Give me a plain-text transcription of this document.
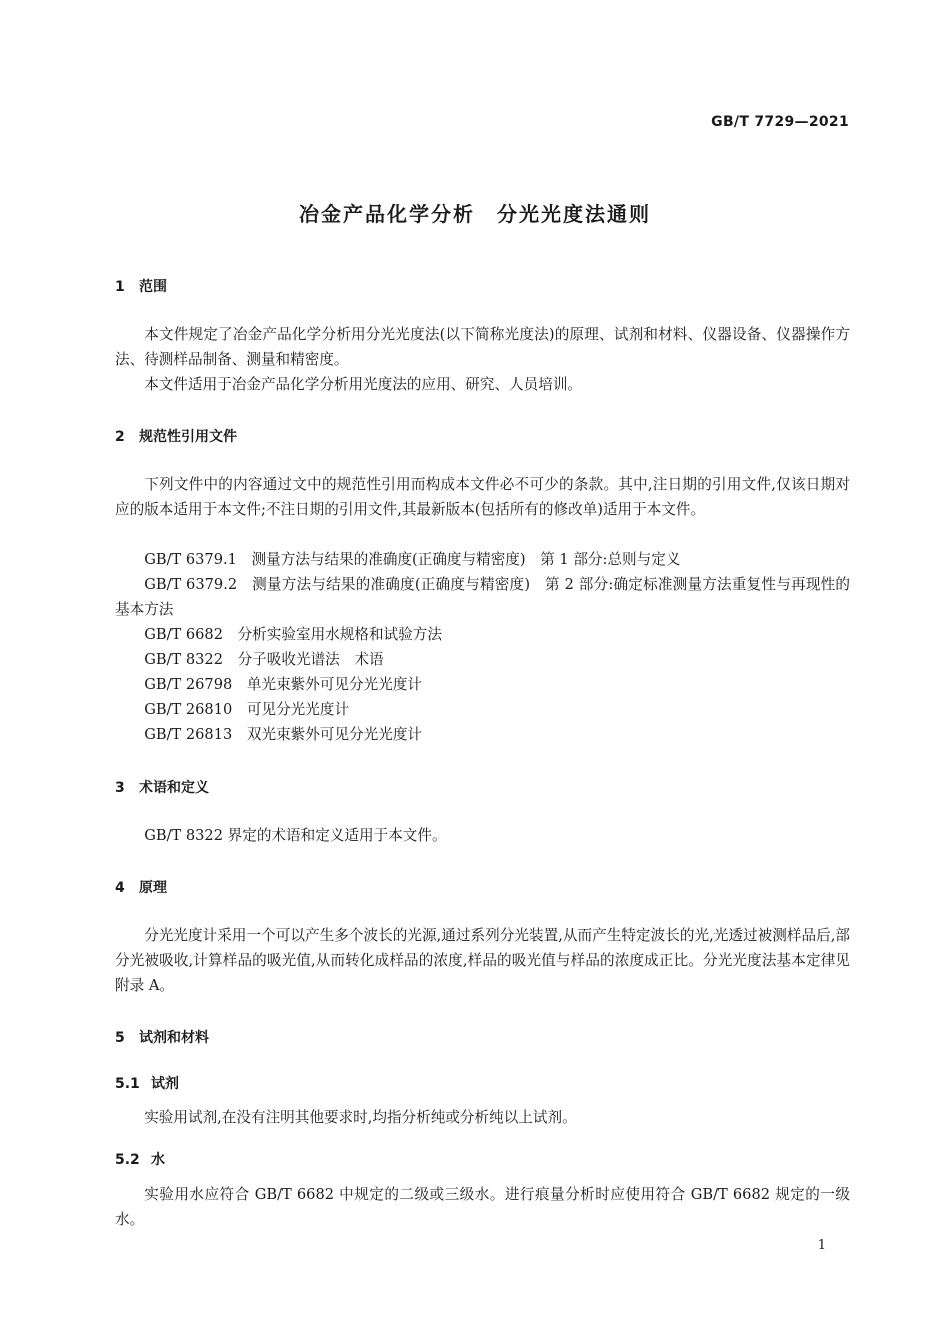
GB/T 7729—2021
冶金产品化学分析　分光光度法通则
1 范围

本文件规定了冶金产品化学分析用分光光度法(以下简称光度法)的原理、试剂和材料、仪器设备、仪器操作方法、待测样品制备、测量和精密度。

本文件适用于冶金产品化学分析用光度法的应用、研究、人员培训。

2 规范性引用文件

下列文件中的内容通过文中的规范性引用而构成本文件必不可少的条款。其中,注日期的引用文件,仅该日期对应的版本适用于本文件;不注日期的引用文件,其最新版本(包括所有的修改单)适用于本文件。

GB/T 6379.1　测量方法与结果的准确度(正确度与精密度)　第 1 部分:总则与定义

GB/T 6379.2　测量方法与结果的准确度(正确度与精密度)　第 2 部分:确定标准测量方法重复性与再现性的基本方法

GB/T 6682　分析实验室用水规格和试验方法

GB/T 8322　分子吸收光谱法　术语

GB/T 26798　单光束紫外可见分光光度计

GB/T 26810　可见分光光度计

GB/T 26813　双光束紫外可见分光光度计

3 术语和定义

GB/T 8322 界定的术语和定义适用于本文件。

4 原理

分光光度计采用一个可以产生多个波长的光源,通过系列分光装置,从而产生特定波长的光,光透过被测样品后,部分光被吸收,计算样品的吸光值,从而转化成样品的浓度,样品的吸光值与样品的浓度成正比。分光光度法基本定律见附录 A。

5 试剂和材料
5.1 试剂

实验用试剂,在没有注明其他要求时,均指分析纯或分析纯以上试剂。

5.2 水

实验用水应符合 GB/T 6682 中规定的二级或三级水。进行痕量分析时应使用符合 GB/T 6682 规定的一级水。

1
